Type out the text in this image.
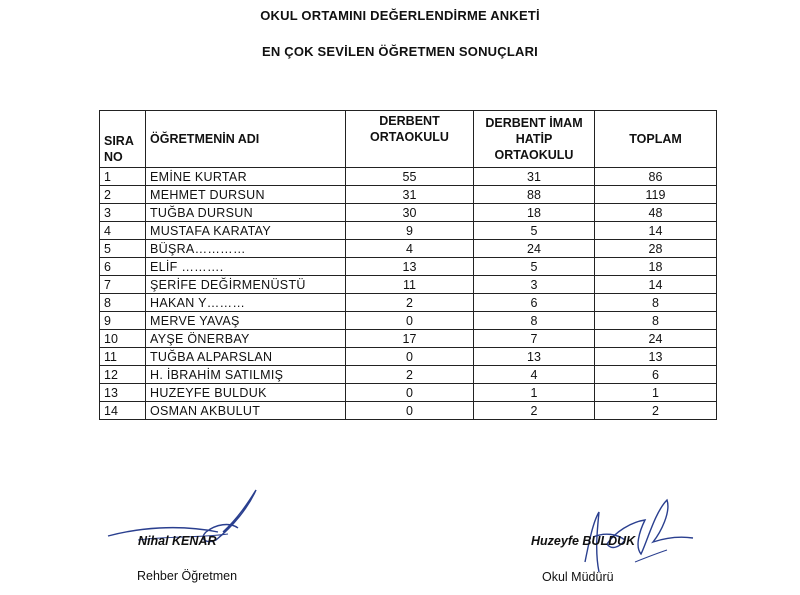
OKUL ORTAMINI DEĞERLENDİRME ANKETİ
EN ÇOK SEVİLEN ÖĞRETMEN SONUÇLARI
SIRA NO	ÖĞRETMENİN ADI	DERBENT ORTAOKULU	DERBENT İMAM HATİP ORTAOKULU	TOPLAM
1	EMİNE KURTAR	55	31	86
2	MEHMET DURSUN	31	88	119
3	TUĞBA DURSUN	30	18	48
4	MUSTAFA KARATAY	9	5	14
5	BÜŞRA…………	4	24	28
6	ELİF ……….	13	5	18
7	ŞERİFE DEĞİRMENÜSTÜ	11	3	14
8	HAKAN Y………	2	6	8
9	MERVE YAVAŞ	0	8	8
10	AYŞE ÖNERBAY	17	7	24
11	TUĞBA ALPARSLAN	0	13	13
12	H. İBRAHİM SATILMIŞ	2	4	6
13	HUZEYFE BULDUK	0	1	1
14	OSMAN AKBULUT	0	2	2
Nihal KENAR
Rehber Öğretmen
Huzeyfe BULDUK
Okul Müdürü
